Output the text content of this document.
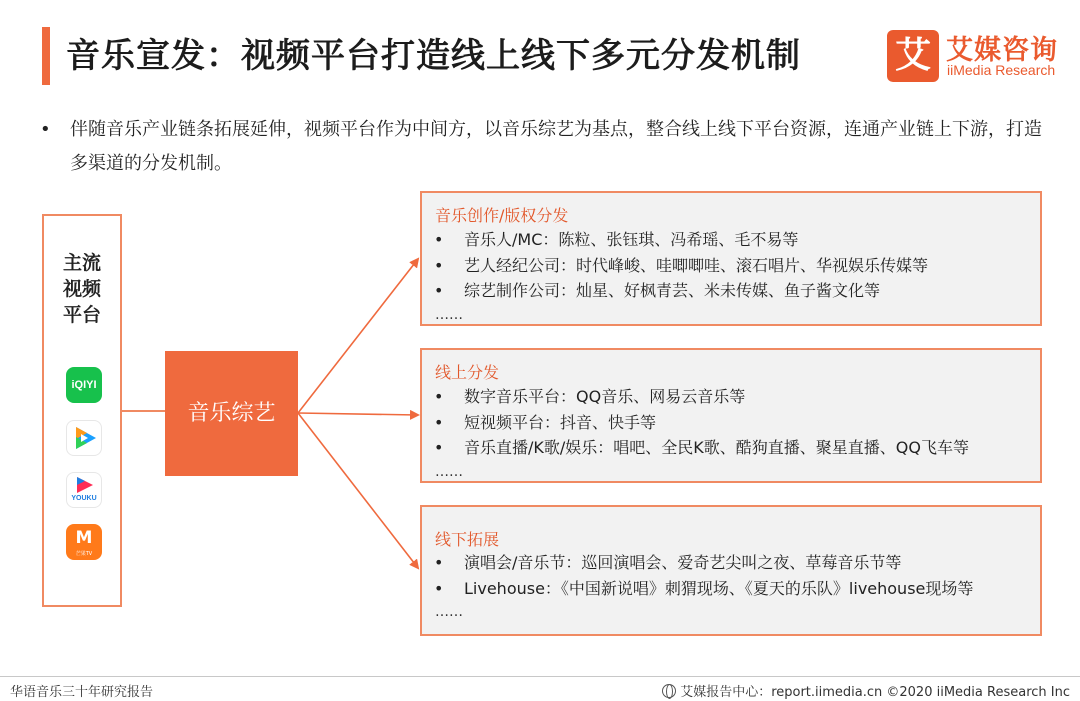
音乐宣发：视频平台打造线上线下多元分发机制	艾 艾媒咨询
iiMedia Research
•	伴随音乐产业链条拓展延伸，视频平台作为中间方，以音乐综艺为基点，整合线上线下平台资源，连通产业链上下游，打造多渠道的分发机制。
主流
视频
平台
iQIYI
YOUKU
M
芒果TV
音乐综艺
音乐创作/版权分发
•	音乐人/MC：陈粒、张钰琪、冯希瑶、毛不易等
•	艺人经纪公司：时代峰峻、哇唧唧哇、滚石唱片、华视娱乐传媒等
•	综艺制作公司：灿星、好枫青芸、米未传媒、鱼子酱文化等
……
线上分发
•	数字音乐平台：QQ音乐、网易云音乐等
•	短视频平台：抖音、快手等
•	音乐直播/K歌/娱乐：唱吧、全民K歌、酷狗直播、聚星直播、QQ飞车等
……
线下拓展
•	演唱会/音乐节：巡回演唱会、爱奇艺尖叫之夜、草莓音乐节等
•	Livehouse：《中国新说唱》刺猬现场、《夏天的乐队》livehouse现场等
……
华语音乐三十年研究报告	艾媒报告中心：report.iimedia.cn ©2020 iiMedia Research Inc
